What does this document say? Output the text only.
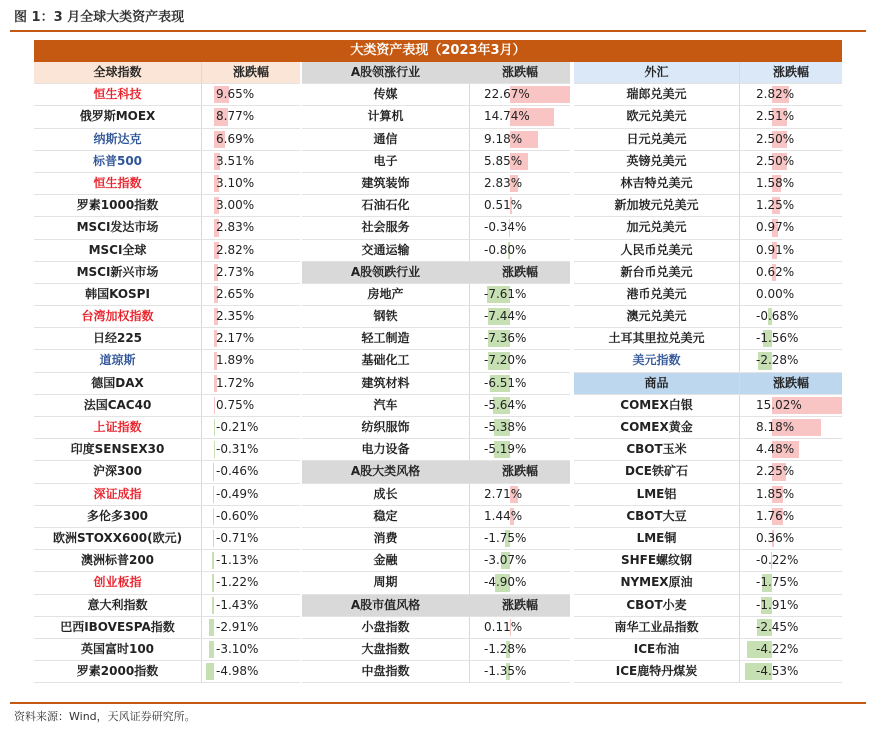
图 1：3 月全球大类资产表现
大类资产表现（2023年3月）
全球指数	涨跌幅
恒生科技	9.65%
俄罗斯MOEX	8.77%
纳斯达克	6.69%
标普500	3.51%
恒生指数	3.10%
罗素1000指数	3.00%
MSCI发达市场	2.83%
MSCI全球	2.82%
MSCI新兴市场	2.73%
韩国KOSPI	2.65%
台湾加权指数	2.35%
日经225	2.17%
道琼斯	1.89%
德国DAX	1.72%
法国CAC40	0.75%
上证指数	-0.21%
印度SENSEX30	-0.31%
沪深300	-0.46%
深证成指	-0.49%
多伦多300	-0.60%
欧洲STOXX600(欧元)	-0.71%
澳洲标普200	-1.13%
创业板指	-1.22%
意大利指数	-1.43%
巴西IBOVESPA指数	-2.91%
英国富时100	-3.10%
罗素2000指数	-4.98%
A股领涨行业	涨跌幅
传媒	22.67%
计算机	14.74%
通信	9.18%
电子	5.85%
建筑装饰	2.83%
石油石化	0.51%
社会服务	-0.34%
交通运输	-0.80%
A股领跌行业	涨跌幅
房地产	-7.61%
钢铁	-7.44%
轻工制造	-7.36%
基础化工	-7.20%
建筑材料	-6.51%
汽车	-5.64%
纺织服饰	-5.38%
电力设备	-5.19%
A股大类风格	涨跌幅
成长	2.71%
稳定	1.44%
消费	-1.75%
金融	-3.07%
周期	-4.90%
A股市值风格	涨跌幅
小盘指数	0.11%
大盘指数	-1.28%
中盘指数	-1.35%
外汇	涨跌幅
瑞郎兑美元	2.82%
欧元兑美元	2.51%
日元兑美元	2.50%
英镑兑美元	2.50%
林吉特兑美元	1.58%
新加坡元兑美元	1.25%
加元兑美元	0.97%
人民币兑美元	0.91%
新台币兑美元	0.62%
港币兑美元	0.00%
澳元兑美元	-0.68%
土耳其里拉兑美元	-1.56%
美元指数	-2.28%
商品	涨跌幅
COMEX白银	15.02%
COMEX黄金	8.18%
CBOT玉米	4.48%
DCE铁矿石	2.25%
LME铝	1.85%
CBOT大豆	1.76%
LME铜	0.36%
SHFE螺纹钢	-0.22%
NYMEX原油	-1.75%
CBOT小麦	-1.91%
南华工业品指数	-2.45%
ICE布油	-4.22%
ICE鹿特丹煤炭	-4.53%
资料来源：Wind，天风证券研究所。
